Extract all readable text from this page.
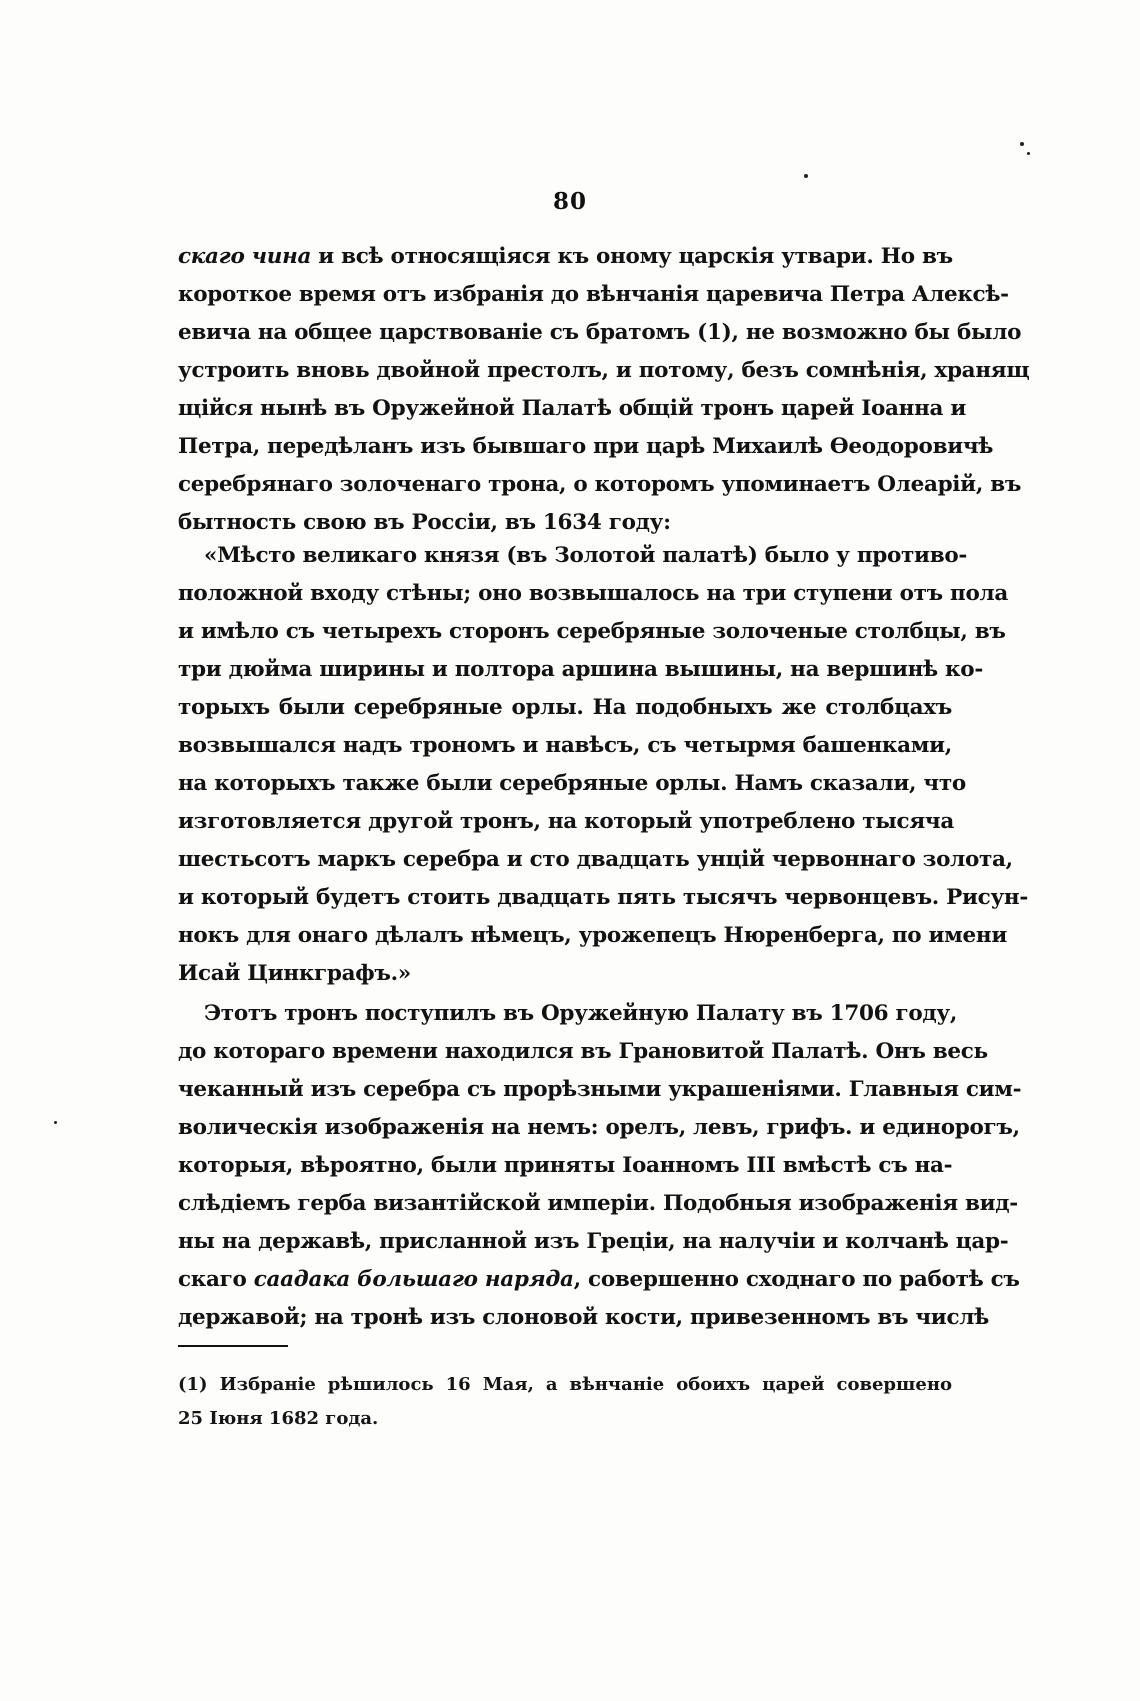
80
скаго чина и всѣ относящіяся къ оному царскія утвари. Но въ
короткое время отъ избранія до вѣнчанія царевича Петра Алексѣ-
евича на общее царствованіе съ братомъ (1), не возможно бы было
устроить вновь двойной престолъ, и потому, безъ сомнѣнія, хранящ
щійся нынѣ въ Оружейной Палатѣ общій тронъ царей Іоанна и
Петра, передѣланъ изъ бывшаго при царѣ Михаилѣ Ѳеодоровичѣ
серебрянаго золоченаго трона, о которомъ упоминаетъ Олеарій, въ
бытность свою въ Россіи, въ 1634 году:
«Мѣсто великаго князя (въ Золотой палатѣ) было у противо-
положной входу стѣны; оно возвышалось на три ступени отъ пола
и имѣло съ четырехъ сторонъ серебряные золоченые столбцы, въ
три дюйма ширины и полтора аршина вышины, на вершинѣ ко-
торыхъ были серебряные орлы. На подобныхъ же столбцахъ
возвышался надъ трономъ и навѣсъ, съ четырмя башенками,
на которыхъ также были серебряные орлы. Намъ сказали, что
изготовляется другой тронъ, на который употреблено тысяча
шестьсотъ маркъ серебра и сто двадцать унцій червоннаго золота,
и который будетъ стоить двадцать пять тысячъ червонцевъ. Рисун-
нокъ для онаго дѣлалъ нѣмецъ, урожепецъ Нюренберга, по имени
Исай Цинкграфъ.»
Этотъ тронъ поступилъ въ Оружейную Палату въ 1706 году,
до котораго времени находился въ Грановитой Палатѣ. Онъ весь
чеканный изъ серебра съ прорѣзными украшеніями. Главныя сим-
волическія изображенія на немъ: орелъ, левъ, грифъ. и единорогъ,
которыя, вѣроятно, были приняты Іоанномъ III вмѣстѣ съ на-
слѣдіемъ герба византійской имперіи. Подобныя изображенія вид-
ны на державѣ, присланной изъ Греціи, на налучіи и колчанѣ цар-
скаго саадака большаго наряда, совершенно сходнаго по работѣ съ
державой; на тронѣ изъ слоновой кости, привезенномъ въ числѣ
(1) Избраніе рѣшилось 16 Мая, а вѣнчаніе обоихъ царей совершено
25 Іюня 1682 года.
